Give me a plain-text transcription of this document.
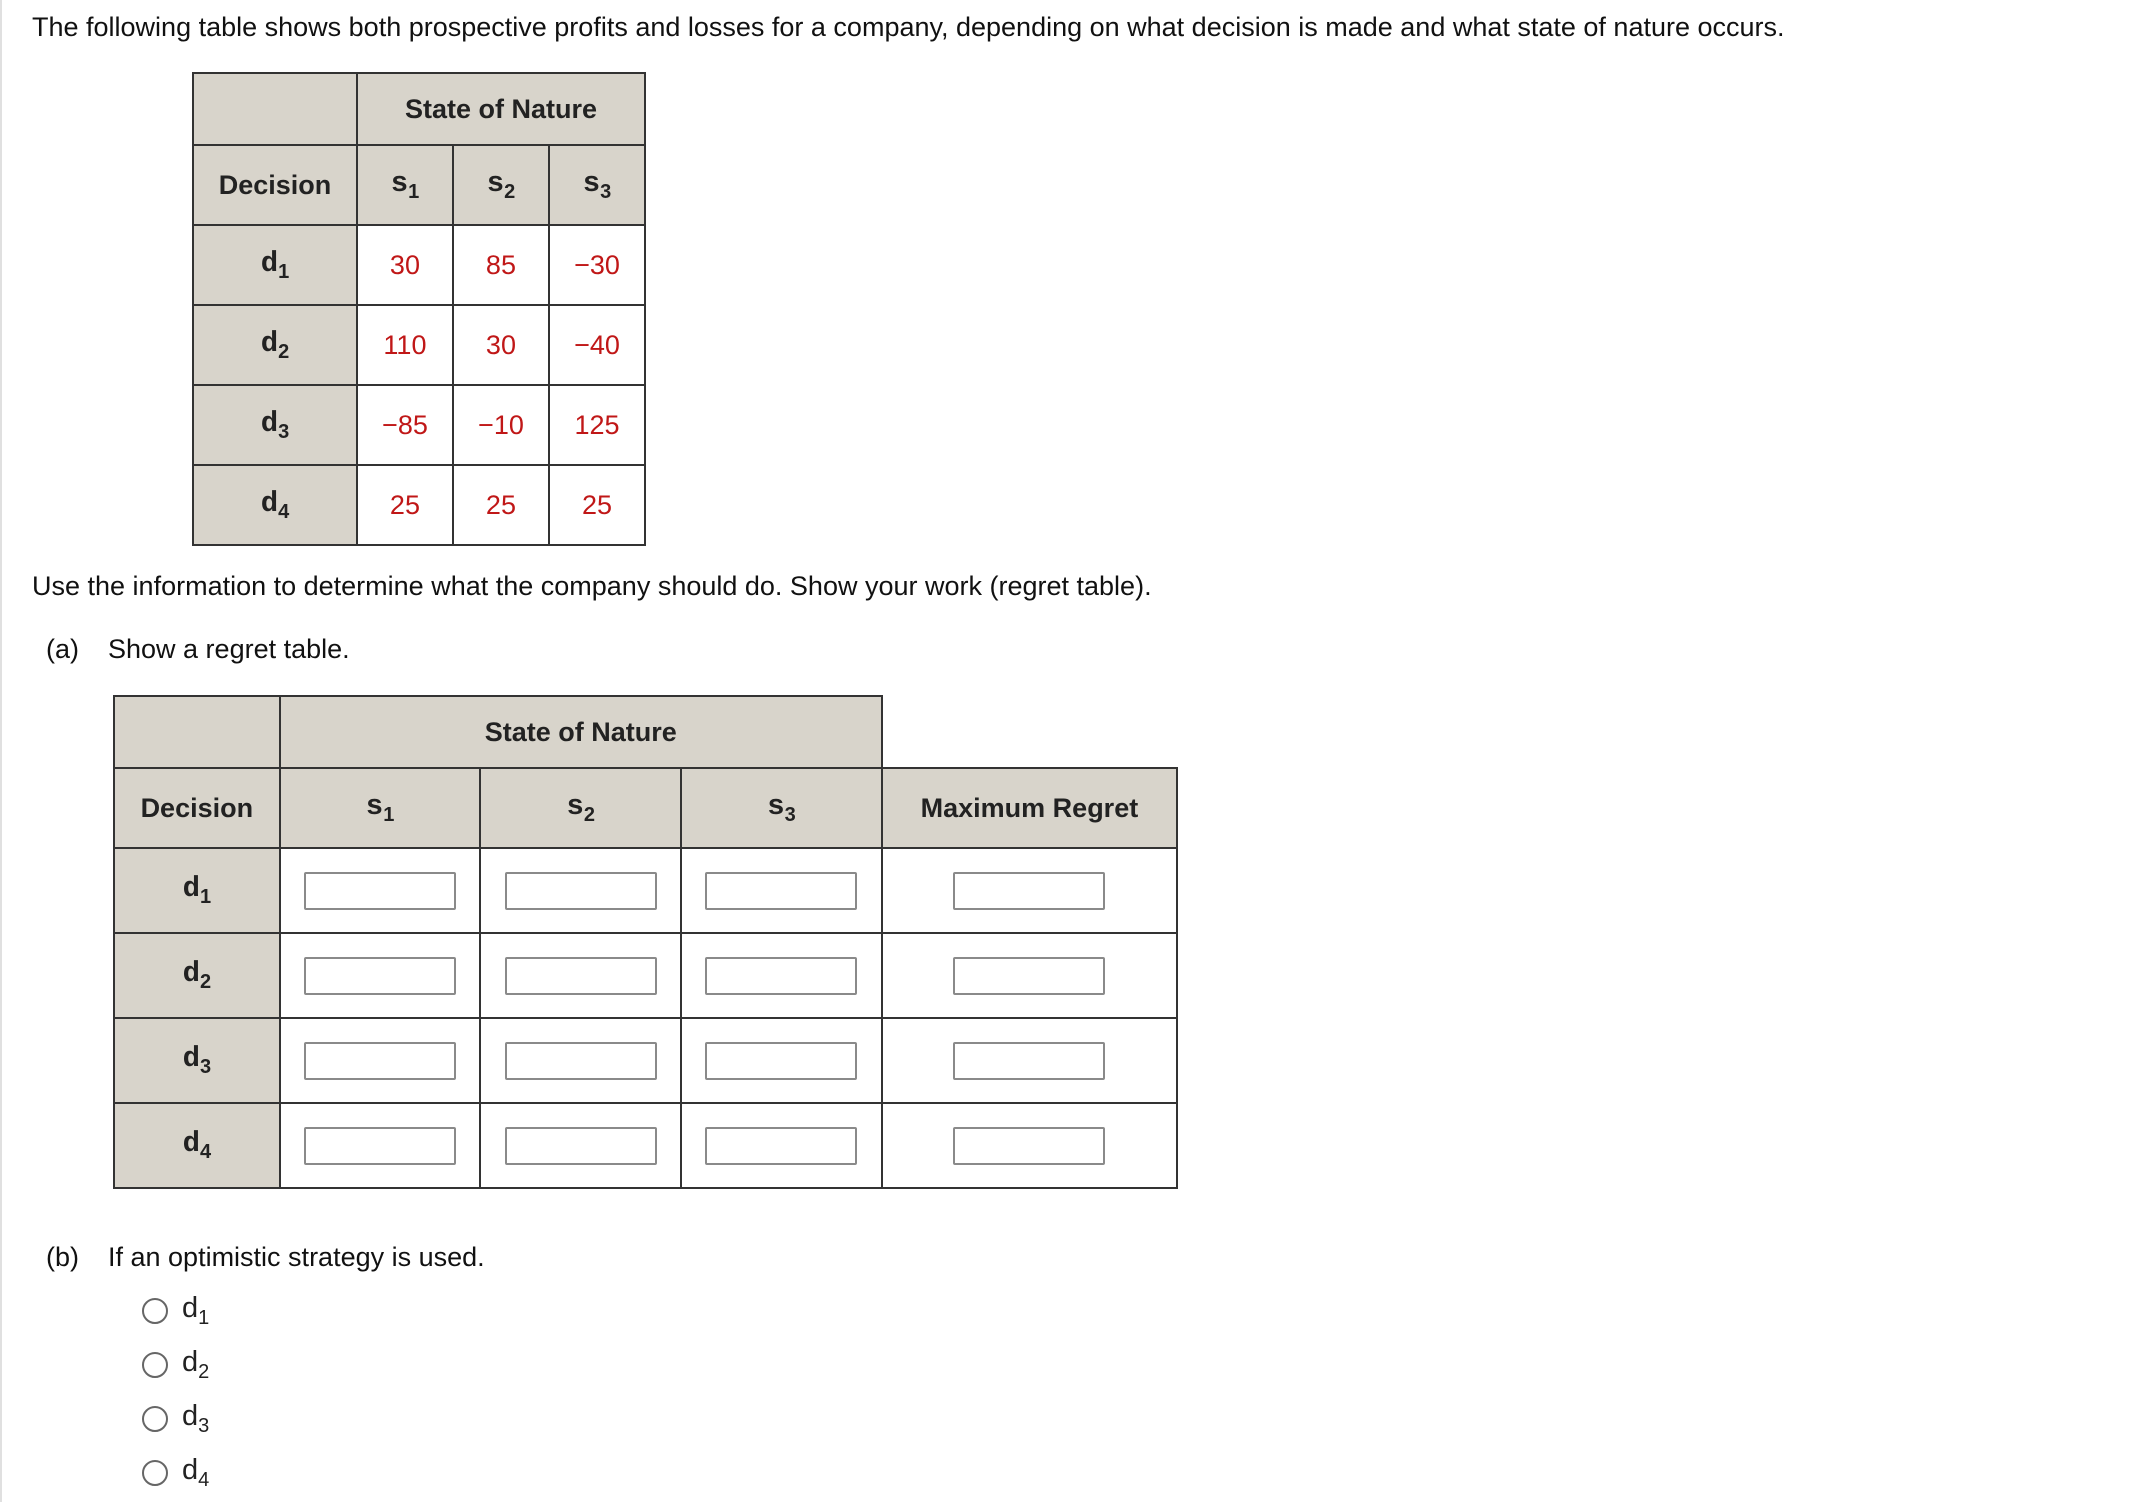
The following table shows both prospective profits and losses for a company, depending on what decision is made and what state of nature occurs.
	State of Nature		
Decision	$s_1$	$s_2$	$s_3$
$d_1$	30	85	−30
$d_2$	110	30	−40
$d_3$	−85	−10	125
$d_4$	25	25	25
Use the information to determine what the company should do. Show your work (regret table).
(a) Show a regret table.
	State of Nature			
Decision	$s_1$	$s_2$	$s_3$	Maximum Regret
$d_1$				
$d_2$				
$d_3$				
$d_4$				
(b) If an optimistic strategy is used.
$d_1$
$d_2$
$d_3$
$d_4$
